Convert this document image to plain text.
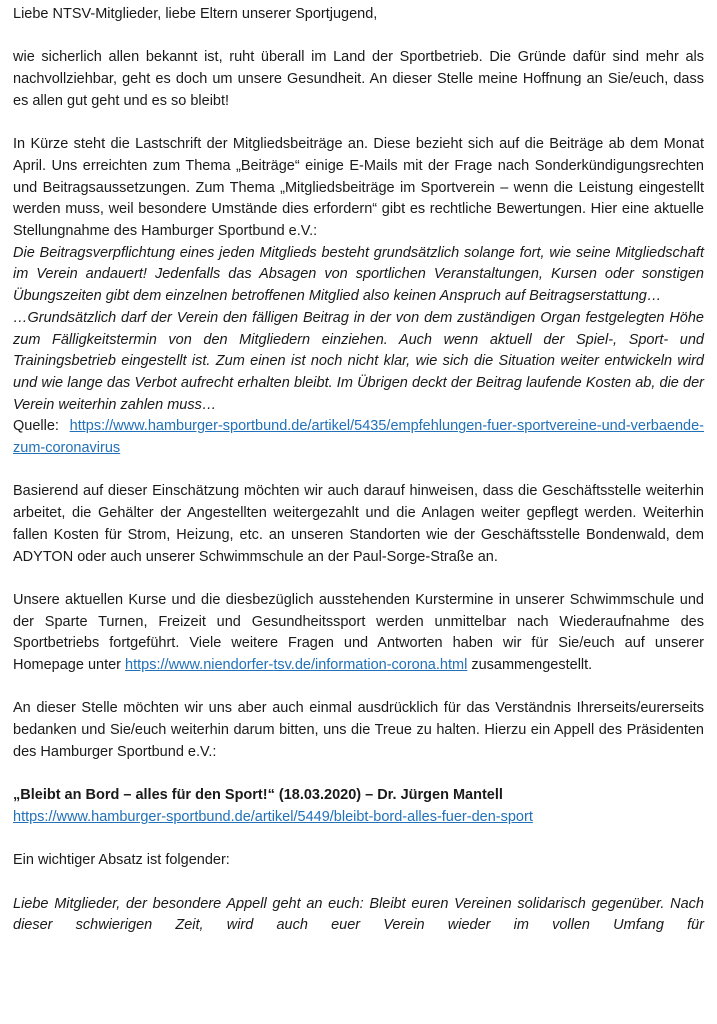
Liebe NTSV-Mitglieder, liebe Eltern unserer Sportjugend,

wie sicherlich allen bekannt ist, ruht überall im Land der Sportbetrieb. Die Gründe dafür sind mehr als nachvollziehbar, geht es doch um unsere Gesundheit. An dieser Stelle meine Hoffnung an Sie/euch, dass es allen gut geht und es so bleibt!

In Kürze steht die Lastschrift der Mitgliedsbeiträge an. Diese bezieht sich auf die Beiträge ab dem Monat April. Uns erreichten zum Thema „Beiträge“ einige E-Mails mit der Frage nach Sonderkündigungsrechten und Beitragsaussetzungen. Zum Thema „Mitgliedsbeiträge im Sportverein – wenn die Leistung eingestellt werden muss, weil besondere Umstände dies erfordern“ gibt es rechtliche Bewertungen. Hier eine aktuelle Stellungnahme des Hamburger Sportbund e.V.:

Die Beitragsverpflichtung eines jeden Mitglieds besteht grundsätzlich solange fort, wie seine Mitgliedschaft im Verein andauert! Jedenfalls das Absagen von sportlichen Veranstaltungen, Kursen oder sonstigen Übungszeiten gibt dem einzelnen betroffenen Mitglied also keinen Anspruch auf Beitragserstattung…

…Grundsätzlich darf der Verein den fälligen Beitrag in der von dem zuständigen Organ festgelegten Höhe zum Fälligkeitstermin von den Mitgliedern einziehen. Auch wenn aktuell der Spiel-, Sport- und Trainingsbetrieb eingestellt ist. Zum einen ist noch nicht klar, wie sich die Situation weiter entwickeln wird und wie lange das Verbot aufrecht erhalten bleibt. Im Übrigen deckt der Beitrag laufende Kosten ab, die der Verein weiterhin zahlen muss…

Quelle: https://www.hamburger-sportbund.de/artikel/5435/empfehlungen-fuer-sportvereine-und-verbaende-zum-coronavirus

Basierend auf dieser Einschätzung möchten wir auch darauf hinweisen, dass die Geschäftsstelle weiterhin arbeitet, die Gehälter der Angestellten weitergezahlt und die Anlagen weiter gepflegt werden. Weiterhin fallen Kosten für Strom, Heizung, etc. an unseren Standorten wie der Geschäftsstelle Bondenwald, dem ADYTON oder auch unserer Schwimmschule an der Paul-Sorge-Straße an.

Unsere aktuellen Kurse und die diesbezüglich ausstehenden Kurstermine in unserer Schwimmschule und der Sparte Turnen, Freizeit und Gesundheitssport werden unmittelbar nach Wiederaufnahme des Sportbetriebs fortgeführt. Viele weitere Fragen und Antworten haben wir für Sie/euch auf unserer Homepage unter https://www.niendorfer-tsv.de/information-corona.html zusammengestellt.

An dieser Stelle möchten wir uns aber auch einmal ausdrücklich für das Verständnis Ihrerseits/eurerseits bedanken und Sie/euch weiterhin darum bitten, uns die Treue zu halten. Hierzu ein Appell des Präsidenten des Hamburger Sportbund e.V.:

„Bleibt an Bord – alles für den Sport!“ (18.03.2020) – Dr. Jürgen Mantell

https://www.hamburger-sportbund.de/artikel/5449/bleibt-bord-alles-fuer-den-sport

Ein wichtiger Absatz ist folgender:

Liebe Mitglieder, der besondere Appell geht an euch: Bleibt euren Vereinen solidarisch gegenüber. Nach dieser schwierigen Zeit, wird auch euer Verein wieder im vollen Umfang für
